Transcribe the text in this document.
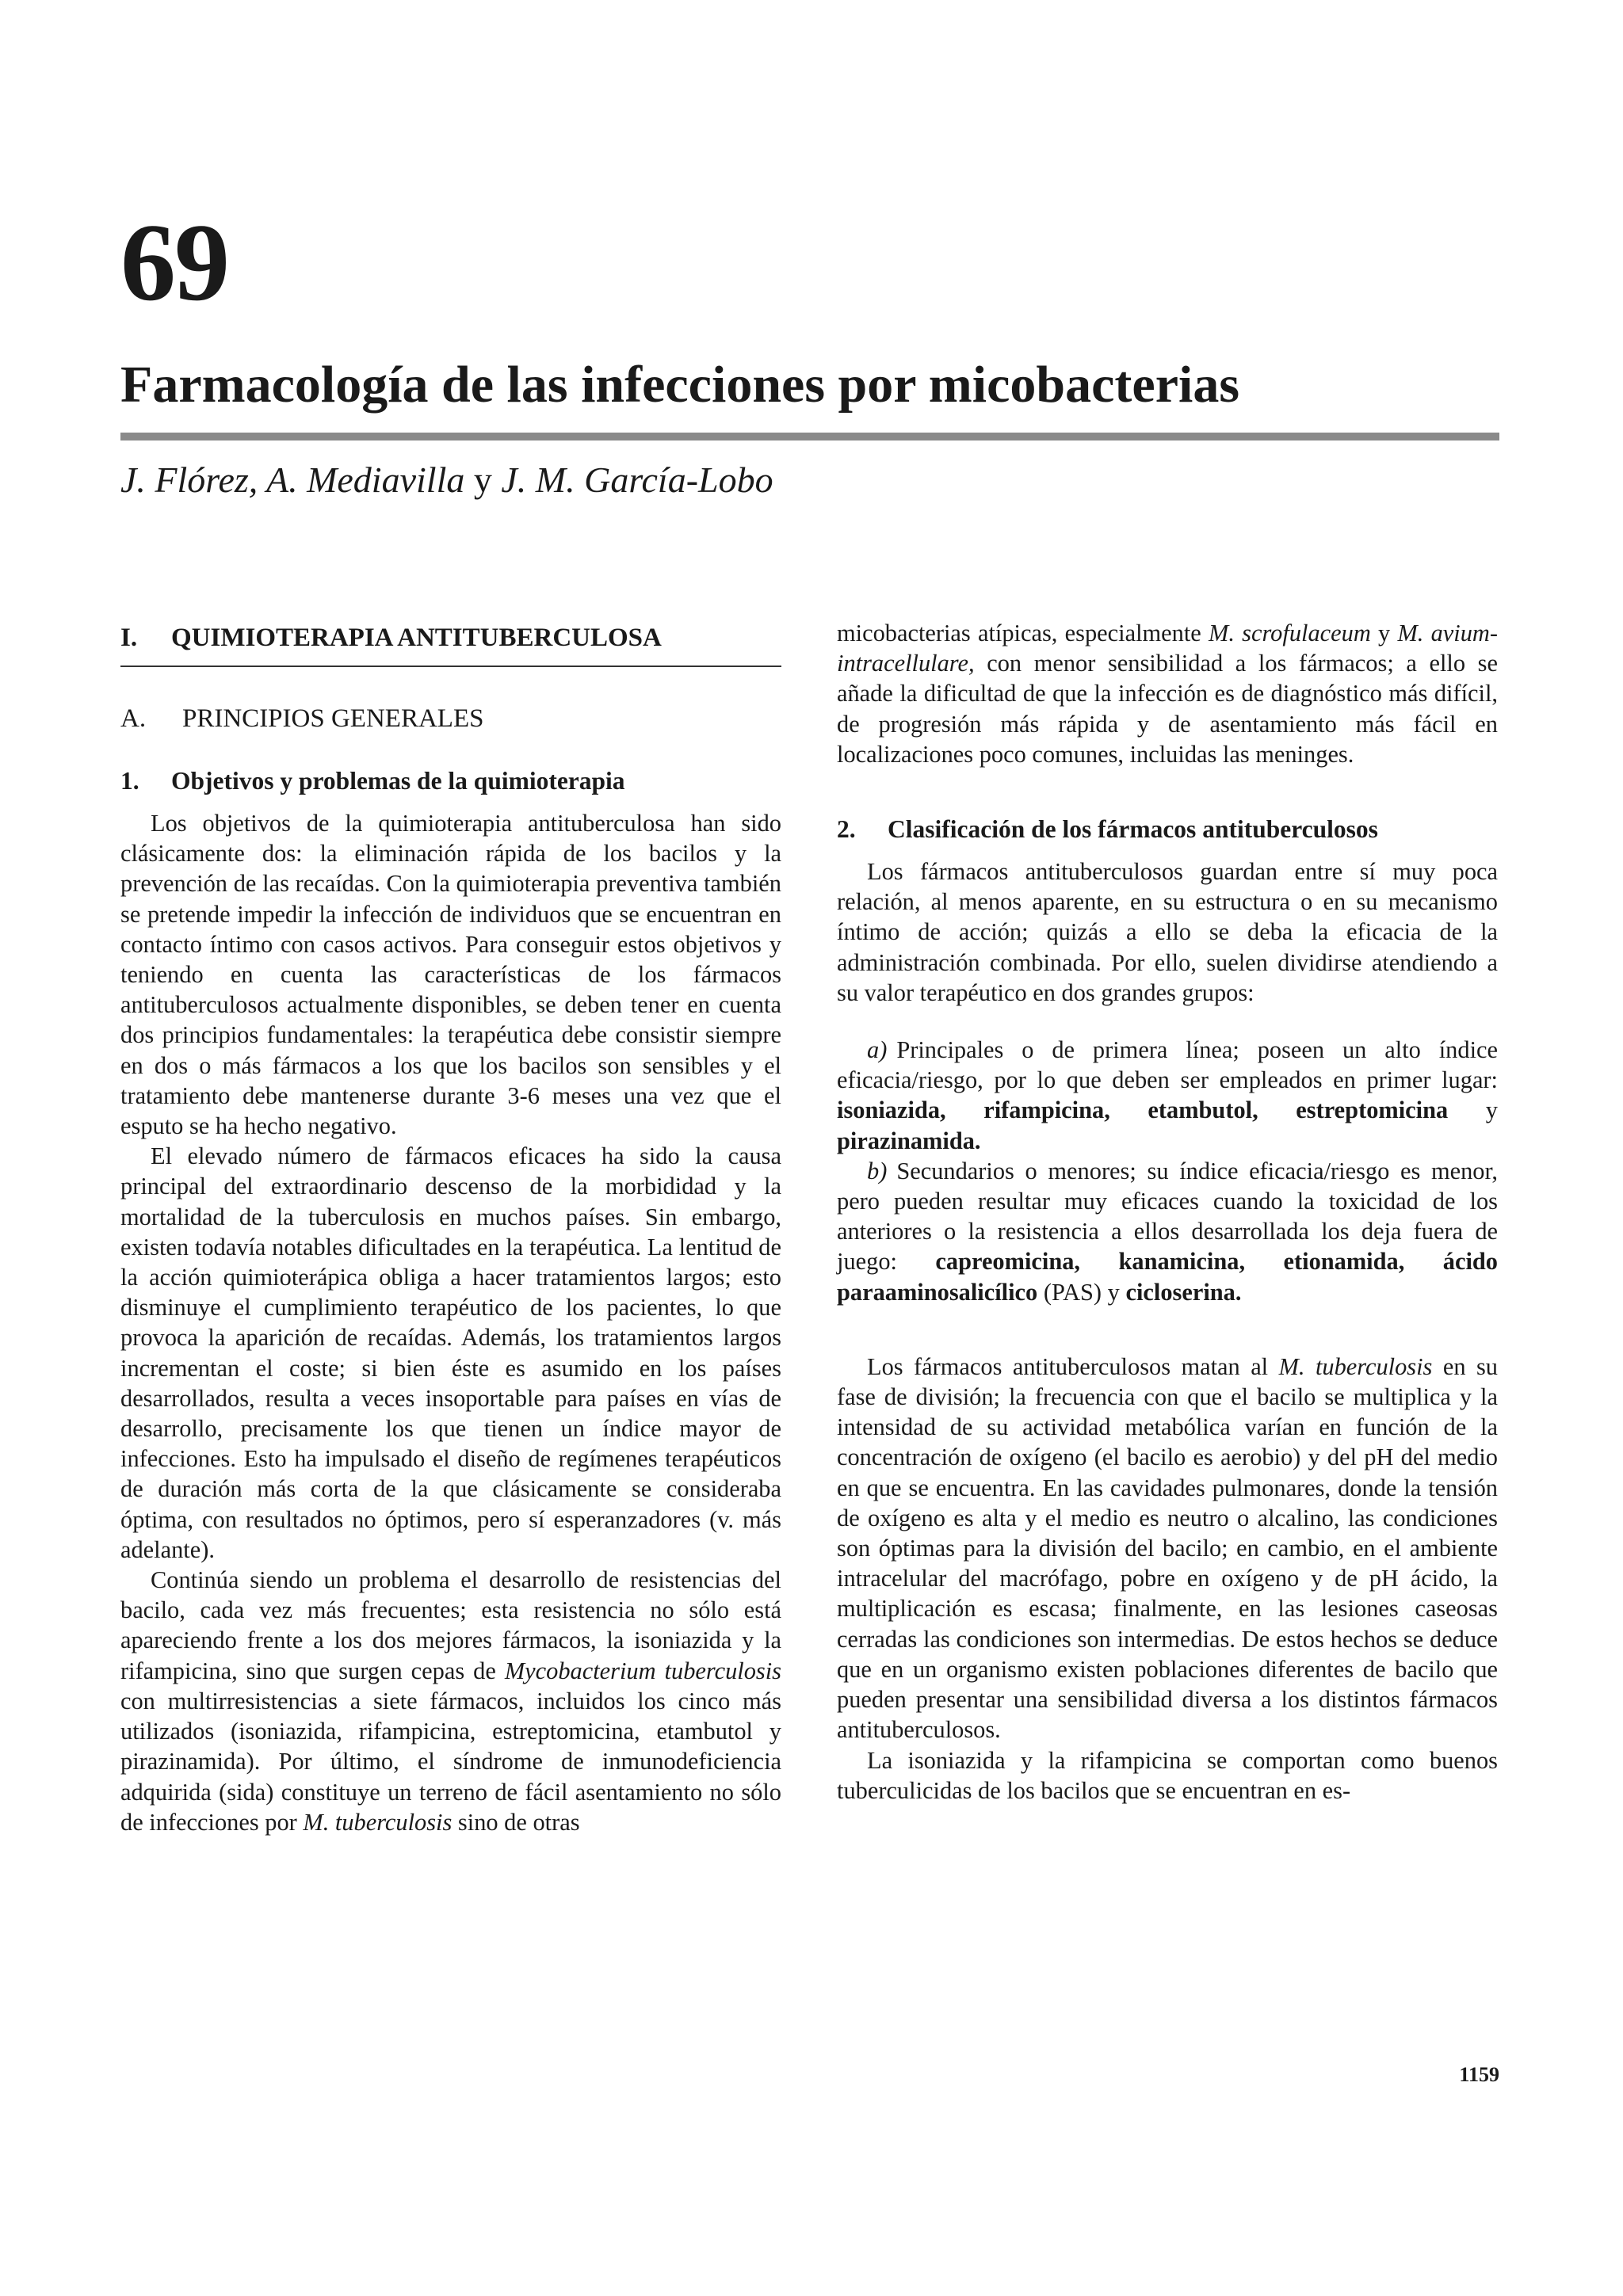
69
Farmacología de las infecciones por micobacterias
J. Flórez, A. Mediavilla y J. M. García-Lobo
I. QUIMIOTERAPIA ANTITUBERCULOSA
A. PRINCIPIOS GENERALES
1. Objetivos y problemas de la quimioterapia

Los objetivos de la quimioterapia antituberculosa han sido clásicamente dos: la eliminación rápida de los bacilos y la prevención de las recaídas. Con la quimioterapia preventiva también se pretende impedir la infección de individuos que se encuentran en contacto íntimo con casos activos. Para conseguir estos objetivos y teniendo en cuenta las características de los fármacos antituberculosos actualmente disponibles, se deben tener en cuenta dos principios fundamentales: la terapéutica debe consistir siempre en dos o más fármacos a los que los bacilos son sensibles y el tratamiento debe mantenerse durante 3-6 meses una vez que el esputo se ha hecho negativo.

El elevado número de fármacos eficaces ha sido la causa principal del extraordinario descenso de la morbididad y la mortalidad de la tuberculosis en muchos países. Sin embargo, existen todavía notables dificultades en la terapéutica. La lentitud de la acción quimioterápica obliga a hacer tratamientos largos; esto disminuye el cumplimiento terapéutico de los pacientes, lo que provoca la aparición de recaídas. Además, los tratamientos largos incrementan el coste; si bien éste es asumido en los países desarrollados, resulta a veces insoportable para países en vías de desarrollo, precisamente los que tienen un índice mayor de infecciones. Esto ha impulsado el diseño de regímenes terapéuticos de duración más corta de la que clásicamente se consideraba óptima, con resultados no óptimos, pero sí esperanzadores (v. más adelante).

Continúa siendo un problema el desarrollo de resistencias del bacilo, cada vez más frecuentes; esta resistencia no sólo está apareciendo frente a los dos mejores fármacos, la isoniazida y la rifampicina, sino que surgen cepas de Mycobacterium tuberculosis con multirresistencias a siete fármacos, incluidos los cinco más utilizados (isoniazida, rifampicina, estreptomicina, etambutol y pirazinamida). Por último, el síndrome de inmunodeficiencia adquirida (sida) constituye un terreno de fácil asentamiento no sólo de infecciones por M. tuberculosis sino de otras

micobacterias atípicas, especialmente M. scrofulaceum y M. avium-intracellulare, con menor sensibilidad a los fármacos; a ello se añade la dificultad de que la infección es de diagnóstico más difícil, de progresión más rápida y de asentamiento más fácil en localizaciones poco comunes, incluidas las meninges.

2. Clasificación de los fármacos antituberculosos

Los fármacos antituberculosos guardan entre sí muy poca relación, al menos aparente, en su estructura o en su mecanismo íntimo de acción; quizás a ello se deba la eficacia de la administración combinada. Por ello, suelen dividirse atendiendo a su valor terapéutico en dos grandes grupos:

a) Principales o de primera línea; poseen un alto índice eficacia/riesgo, por lo que deben ser empleados en primer lugar: isoniazida, rifampicina, etambutol, estreptomicina y pirazinamida.
b) Secundarios o menores; su índice eficacia/riesgo es menor, pero pueden resultar muy eficaces cuando la toxicidad de los anteriores o la resistencia a ellos desarrollada los deja fuera de juego: capreomicina, kanamicina, etionamida, ácido paraaminosalicílico (PAS) y cicloserina.

Los fármacos antituberculosos matan al M. tuberculosis en su fase de división; la frecuencia con que el bacilo se multiplica y la intensidad de su actividad metabólica varían en función de la concentración de oxígeno (el bacilo es aerobio) y del pH del medio en que se encuentra. En las cavidades pulmonares, donde la tensión de oxígeno es alta y el medio es neutro o alcalino, las condiciones son óptimas para la división del bacilo; en cambio, en el ambiente intracelular del macrófago, pobre en oxígeno y de pH ácido, la multiplicación es escasa; finalmente, en las lesiones caseosas cerradas las condiciones son intermedias. De estos hechos se deduce que en un organismo existen poblaciones diferentes de bacilo que pueden presentar una sensibilidad diversa a los distintos fármacos antituberculosos.

La isoniazida y la rifampicina se comportan como buenos tuberculicidas de los bacilos que se encuentran en es-

1159
